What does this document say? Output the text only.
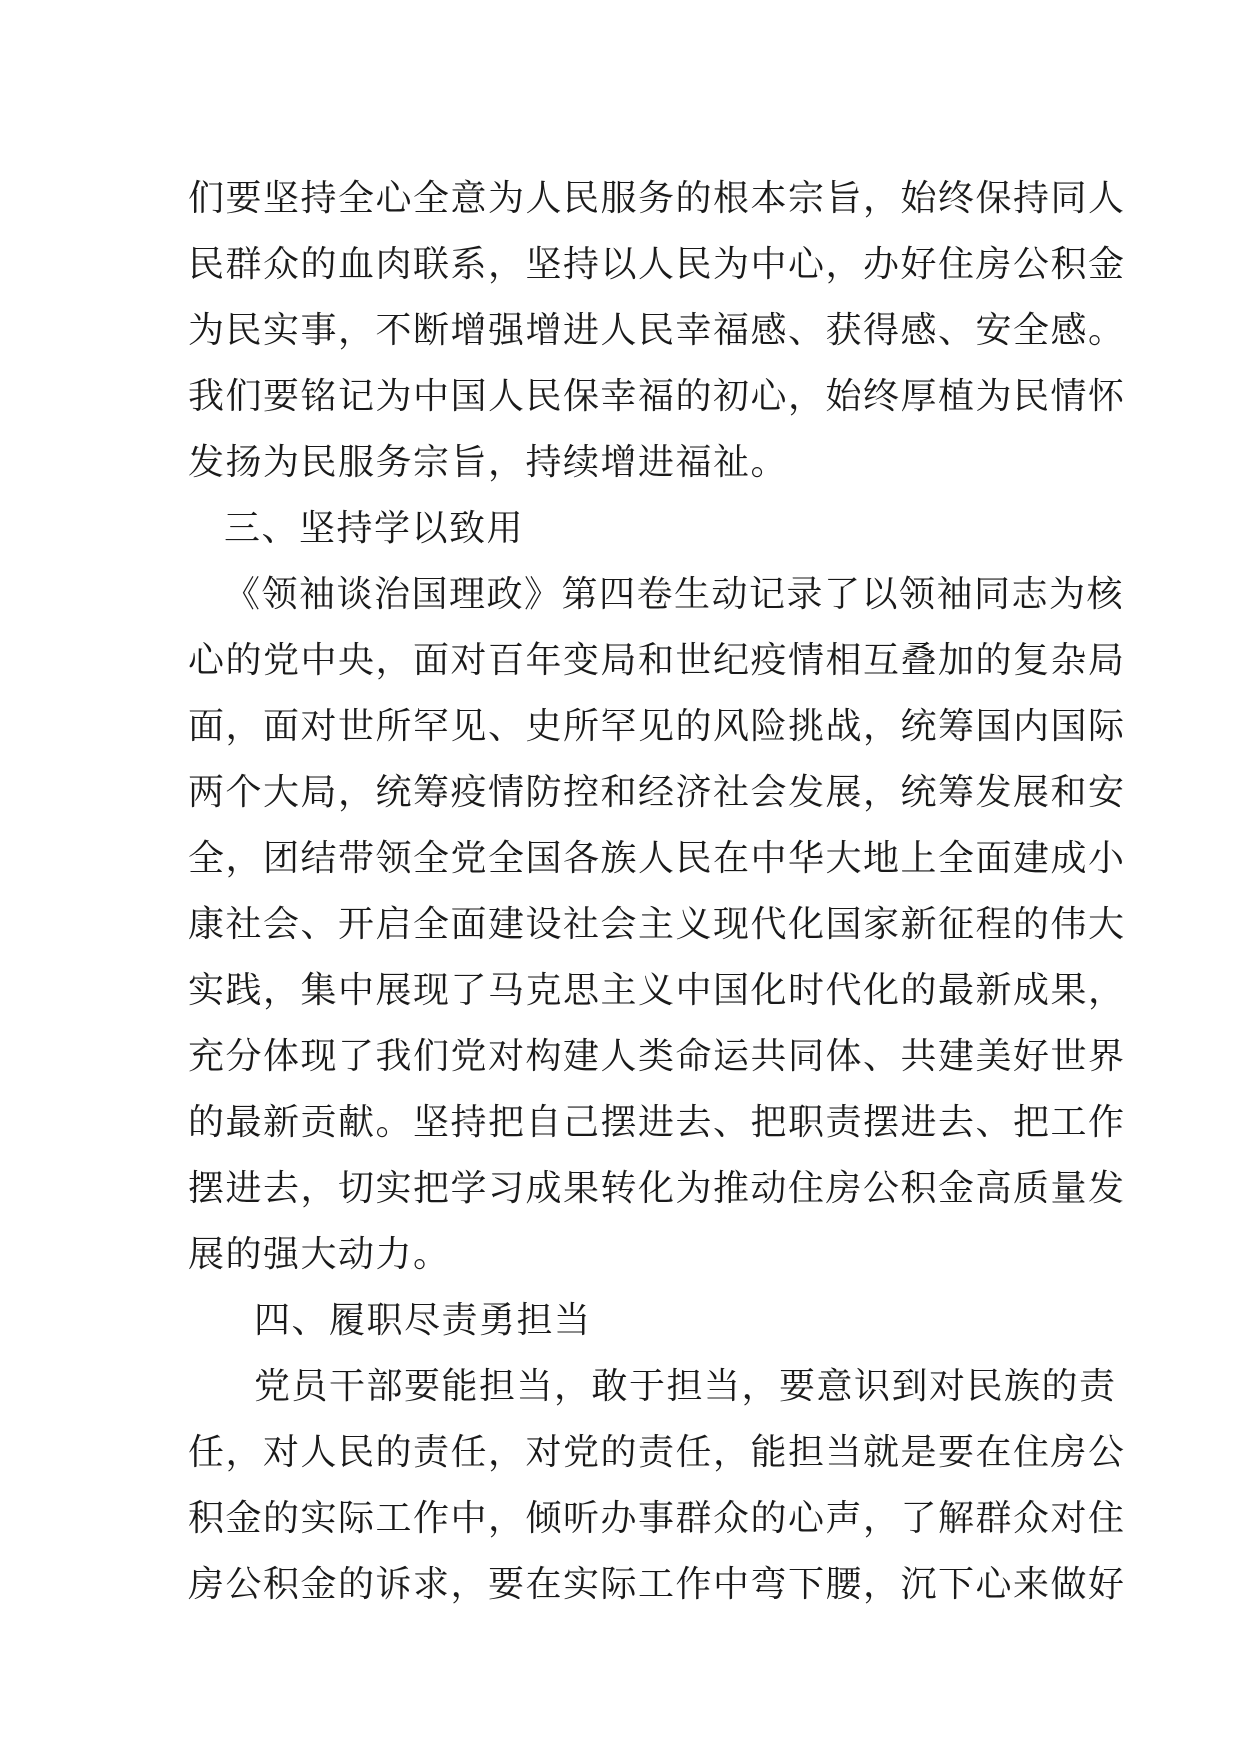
们要坚持全心全意为人民服务的根本宗旨，始终保持同人
民群众的血肉联系，坚持以人民为中心，办好住房公积金
为民实事，不断增强增进人民幸福感、获得感、安全感。
我们要铭记为中国人民保幸福的初心，始终厚植为民情怀
发扬为民服务宗旨，持续增进福祉。
三、坚持学以致用
《领袖谈治国理政》第四卷生动记录了以领袖同志为核
心的党中央，面对百年变局和世纪疫情相互叠加的复杂局
面，面对世所罕见、史所罕见的风险挑战，统筹国内国际
两个大局，统筹疫情防控和经济社会发展，统筹发展和安
全，团结带领全党全国各族人民在中华大地上全面建成小
康社会、开启全面建设社会主义现代化国家新征程的伟大
实践，集中展现了马克思主义中国化时代化的最新成果，
充分体现了我们党对构建人类命运共同体、共建美好世界
的最新贡献。坚持把自己摆进去、把职责摆进去、把工作
摆进去，切实把学习成果转化为推动住房公积金高质量发
展的强大动力。
四、履职尽责勇担当
党员干部要能担当，敢于担当，要意识到对民族的责
任，对人民的责任，对党的责任，能担当就是要在住房公
积金的实际工作中，倾听办事群众的心声，了解群众对住
房公积金的诉求，要在实际工作中弯下腰，沉下心来做好
